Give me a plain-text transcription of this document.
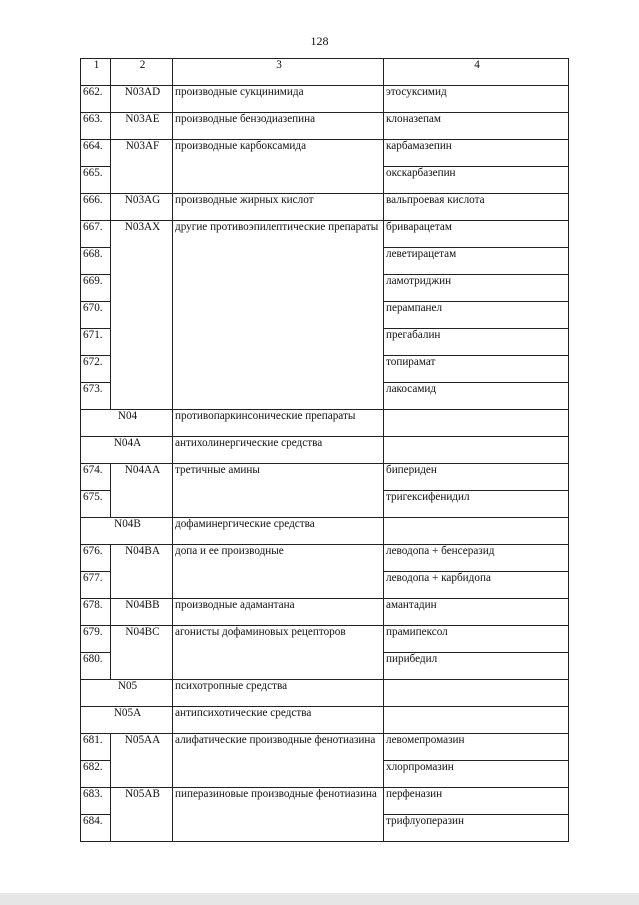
128
1	2	3	4
662.	N03AD	производные сукцинимида	этосуксимид
663.	N03AE	производные бензодиазепина	клоназепам
664.	N03AF	производные карбоксамида	карбамазепин
665.			окскарбазепин
666.	N03AG	производные жирных кислот	вальпроевая кислота
667.	N03AX	другие противоэпилептические препараты	бриварацетам
668.			леветирацетам
669.			ламотриджин
670.			перампанел
671.			прегабалин
672.			топирамат
673.			лакосамид
N04		противопаркинсонические препараты	
N04A		антихолинергические средства	
674.	N04AA	третичные амины	бипериден
675.			тригексифенидил
N04B		дофаминергические средства	
676.	N04BA	допа и ее производные	леводопа + бенсеразид
677.			леводопа + карбидопа
678.	N04BB	производные адамантана	амантадин
679.	N04BC	агонисты дофаминовых рецепторов	прамипексол
680.			пирибедил
N05		психотропные средства	
N05A		антипсихотические средства	
681.	N05AA	алифатические производные фенотиазина	левомепромазин
682.			хлорпромазин
683.	N05AB	пиперазиновые производные фенотиазина	перфеназин
684.			трифлуоперазин
